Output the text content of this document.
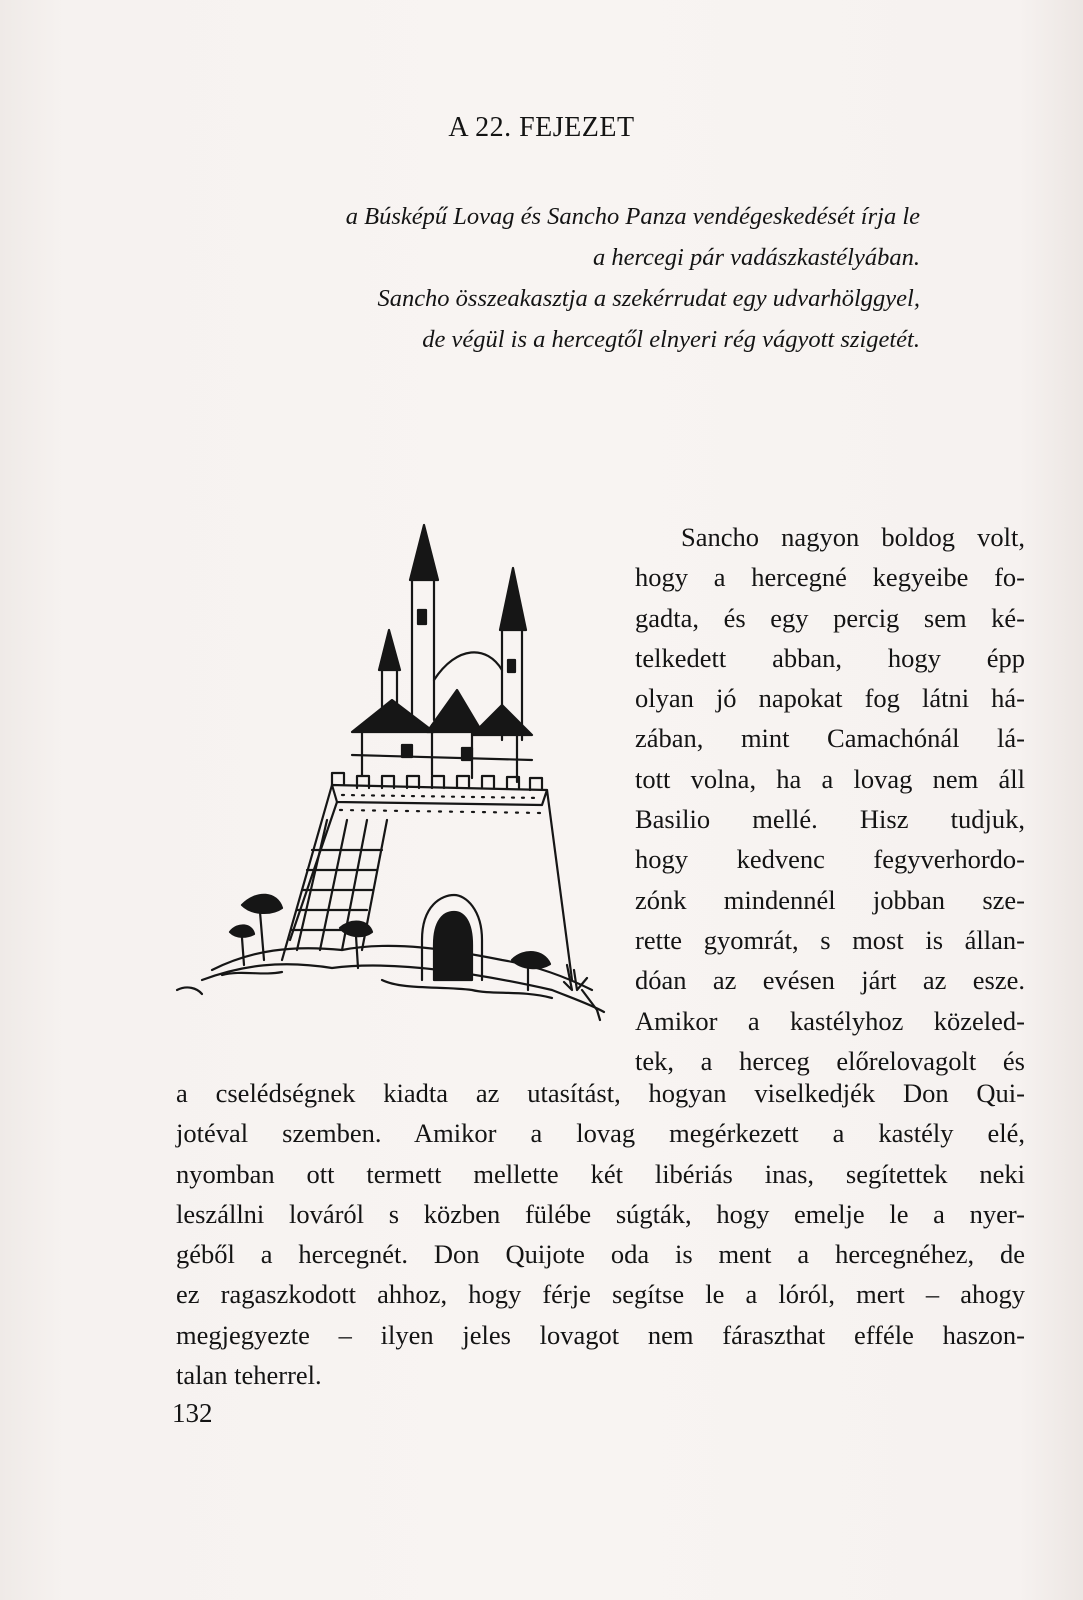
A 22. FEJEZET
a Búsképű Lovag és Sancho Panza vendégeskedését írja le
a hercegi pár vadászkastélyában.
Sancho összeakasztja a szekérrudat egy udvarhölggyel,
de végül is a hercegtől elnyeri rég vágyott szigetét.
Sancho nagyon boldog volt,
hogy a hercegné kegyeibe fo-
gadta, és egy percig sem ké-
telkedett abban, hogy épp
olyan jó napokat fog látni há-
zában, mint Camachónál lá-
tott volna, ha a lovag nem áll
Basilio mellé. Hisz tudjuk,
hogy kedvenc fegyverhordo-
zónk mindennél jobban sze-
rette gyomrát, s most is állan-
dóan az evésen járt az esze.
Amikor a kastélyhoz közeled-
tek, a herceg előrelovagolt és
a cselédségnek kiadta az utasítást, hogyan viselkedjék Don Qui-
jotéval szemben. Amikor a lovag megérkezett a kastély elé,
nyomban ott termett mellette két libériás inas, segítettek neki
leszállni lováról s közben fülébe súgták, hogy emelje le a nyer-
géből a hercegnét. Don Quijote oda is ment a hercegnéhez, de
ez ragaszkodott ahhoz, hogy férje segítse le a lóról, mert – ahogy
megjegyezte – ilyen jeles lovagot nem fáraszthat efféle haszon-
talan teherrel.
132
